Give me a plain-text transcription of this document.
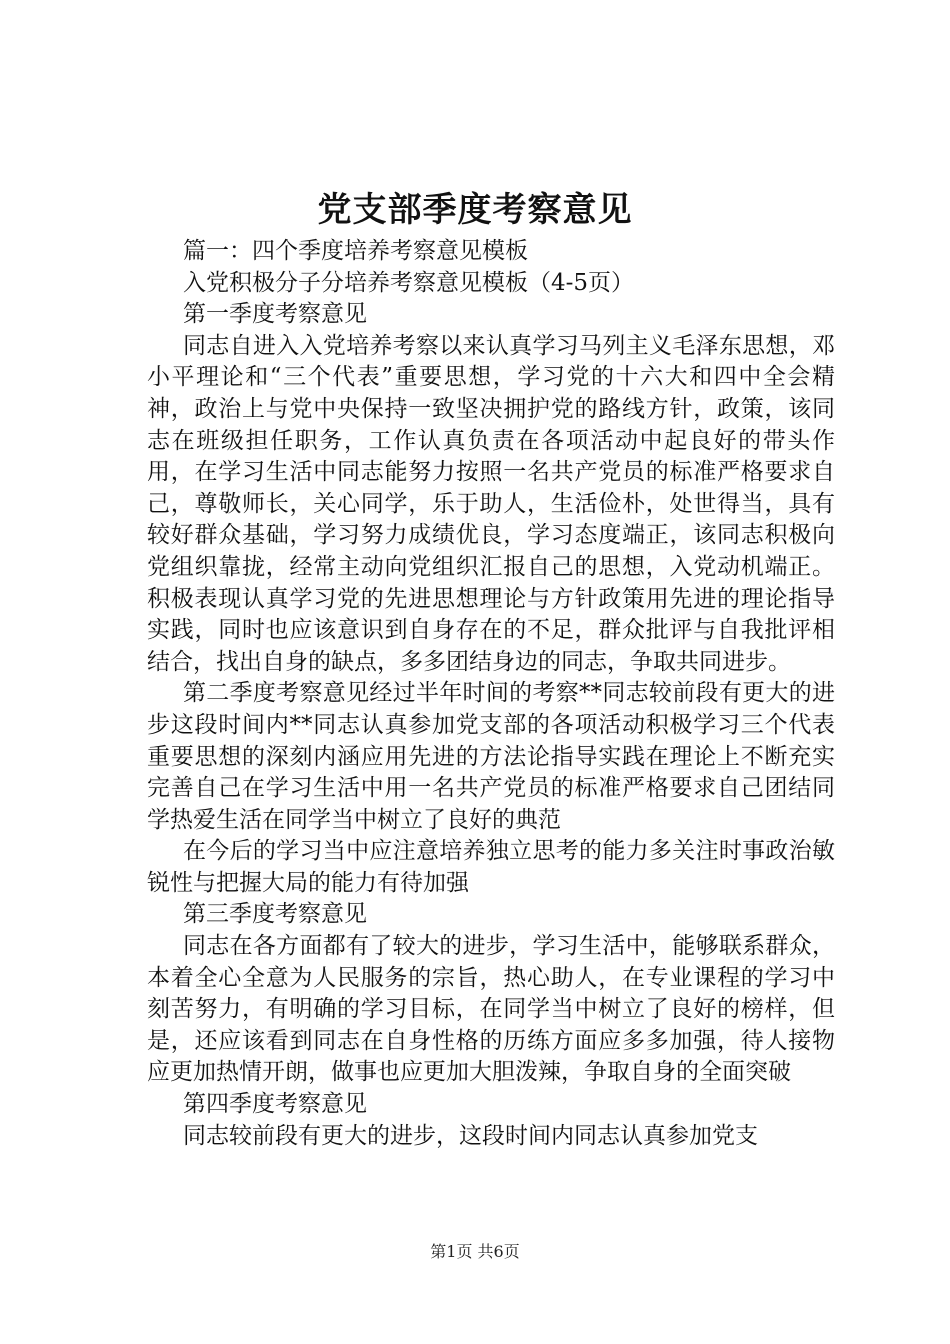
党支部季度考察意见

篇一：四个季度培养考察意见模板

入党积极分子分培养考察意见模板（4-5页）

第一季度考察意见

同志自进入入党培养考察以来认真学习马列主义毛泽东思想，邓小平理论和“三个代表”重要思想，学习党的十六大和四中全会精神，政治上与党中央保持一致坚决拥护党的路线方针，政策，该同志在班级担任职务，工作认真负责在各项活动中起良好的带头作用，在学习生活中同志能努力按照一名共产党员的标准严格要求自己，尊敬师长，关心同学，乐于助人，生活俭朴，处世得当，具有较好群众基础，学习努力成绩优良，学习态度端正，该同志积极向党组织靠拢，经常主动向党组织汇报自己的思想，入党动机端正。积极表现认真学习党的先进思想理论与方针政策用先进的理论指导实践，同时也应该意识到自身存在的不足，群众批评与自我批评相结合，找出自身的缺点，多多团结身边的同志，争取共同进步。

第二季度考察意见经过半年时间的考察**同志较前段有更大的进步这段时间内**同志认真参加党支部的各项活动积极学习三个代表重要思想的深刻内涵应用先进的方法论指导实践在理论上不断充实完善自己在学习生活中用一名共产党员的标准严格要求自己团结同学热爱生活在同学当中树立了良好的典范

在今后的学习当中应注意培养独立思考的能力多关注时事政治敏锐性与把握大局的能力有待加强

第三季度考察意见

同志在各方面都有了较大的进步，学习生活中，能够联系群众，本着全心全意为人民服务的宗旨，热心助人，在专业课程的学习中刻苦努力，有明确的学习目标，在同学当中树立了良好的榜样，但是，还应该看到同志在自身性格的历练方面应多多加强，待人接物应更加热情开朗，做事也应更加大胆泼辣，争取自身的全面突破

第四季度考察意见

同志较前段有更大的进步，这段时间内同志认真参加党支

第1页 共6页
